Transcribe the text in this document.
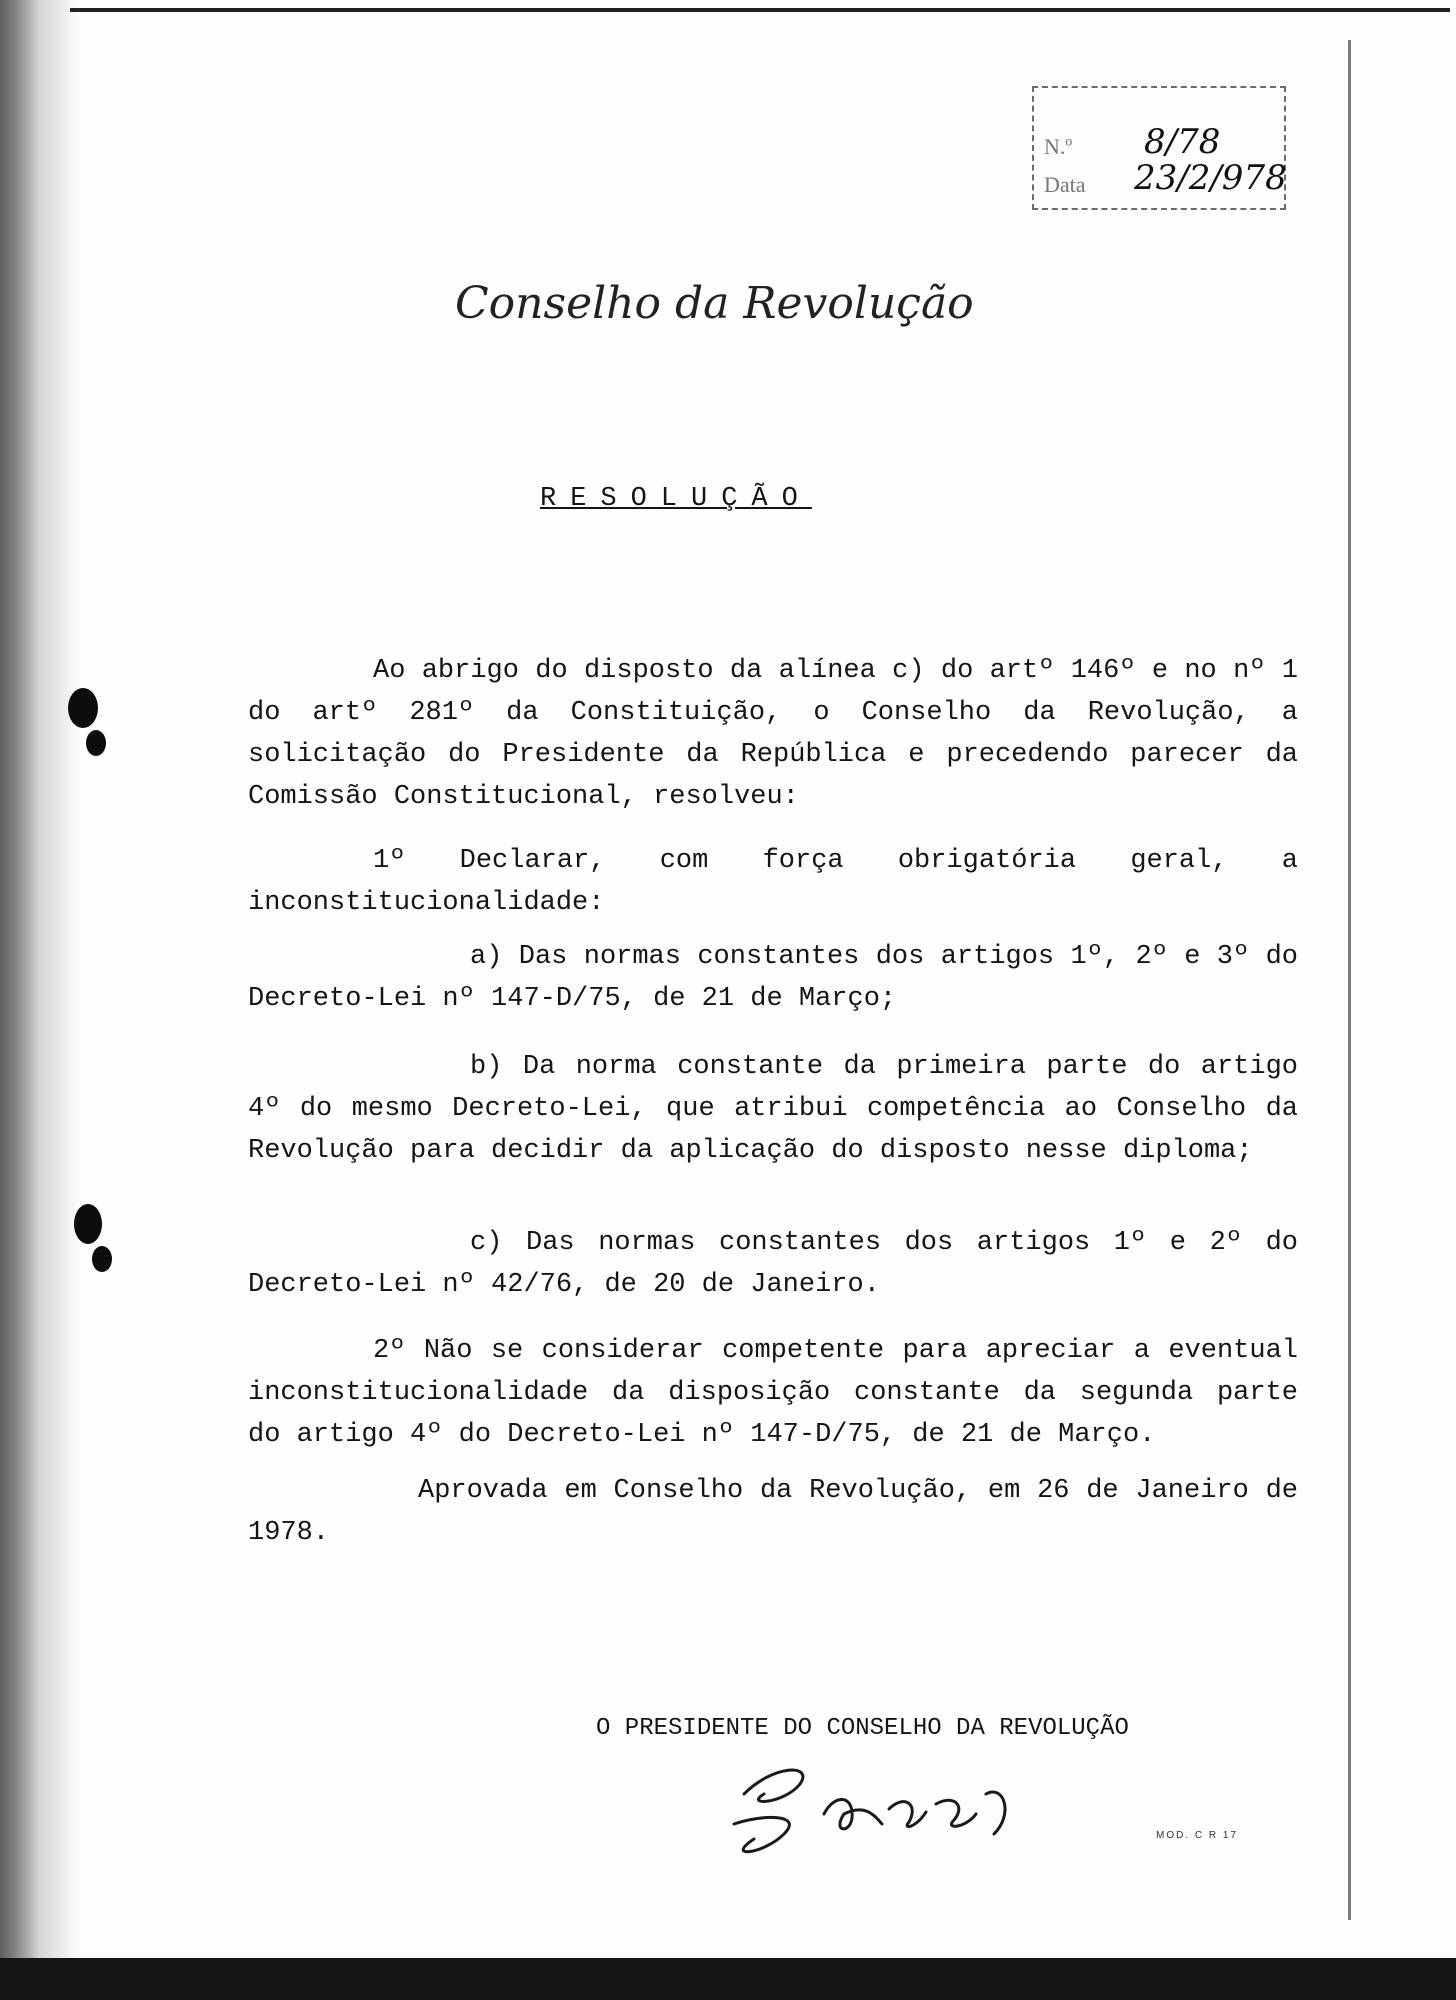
N.º 8/78
Data 23/2/978
Conselho da Revolução
RESOLUÇÃO
Ao abrigo do disposto da alínea c) do artº 146º e no nº 1 do artº 281º da Constituição, o Conselho da Revolução, a solicitação do Presidente da República e precedendo parecer da Comissão Constitucional, resolveu:
1º Declarar, com força obrigatória geral, a inconstitucionalidade:
a) Das normas constantes dos artigos 1º, 2º e 3º do Decreto-Lei nº 147-D/75, de 21 de Março;
b) Da norma constante da primeira parte do artigo 4º do mesmo Decreto-Lei, que atribui competência ao Conselho da Revolução para decidir da aplicação do disposto nesse diploma;
c) Das normas constantes dos artigos 1º e 2º do Decreto-Lei nº 42/76, de 20 de Janeiro.
2º Não se considerar competente para apreciar a eventual inconstitucionalidade da disposição constante da segunda parte do artigo 4º do Decreto-Lei nº 147-D/75, de 21 de Março.
Aprovada em Conselho da Revolução, em 26 de Janeiro de 1978.
O PRESIDENTE DO CONSELHO DA REVOLUÇÃO
MOD. C R 17
